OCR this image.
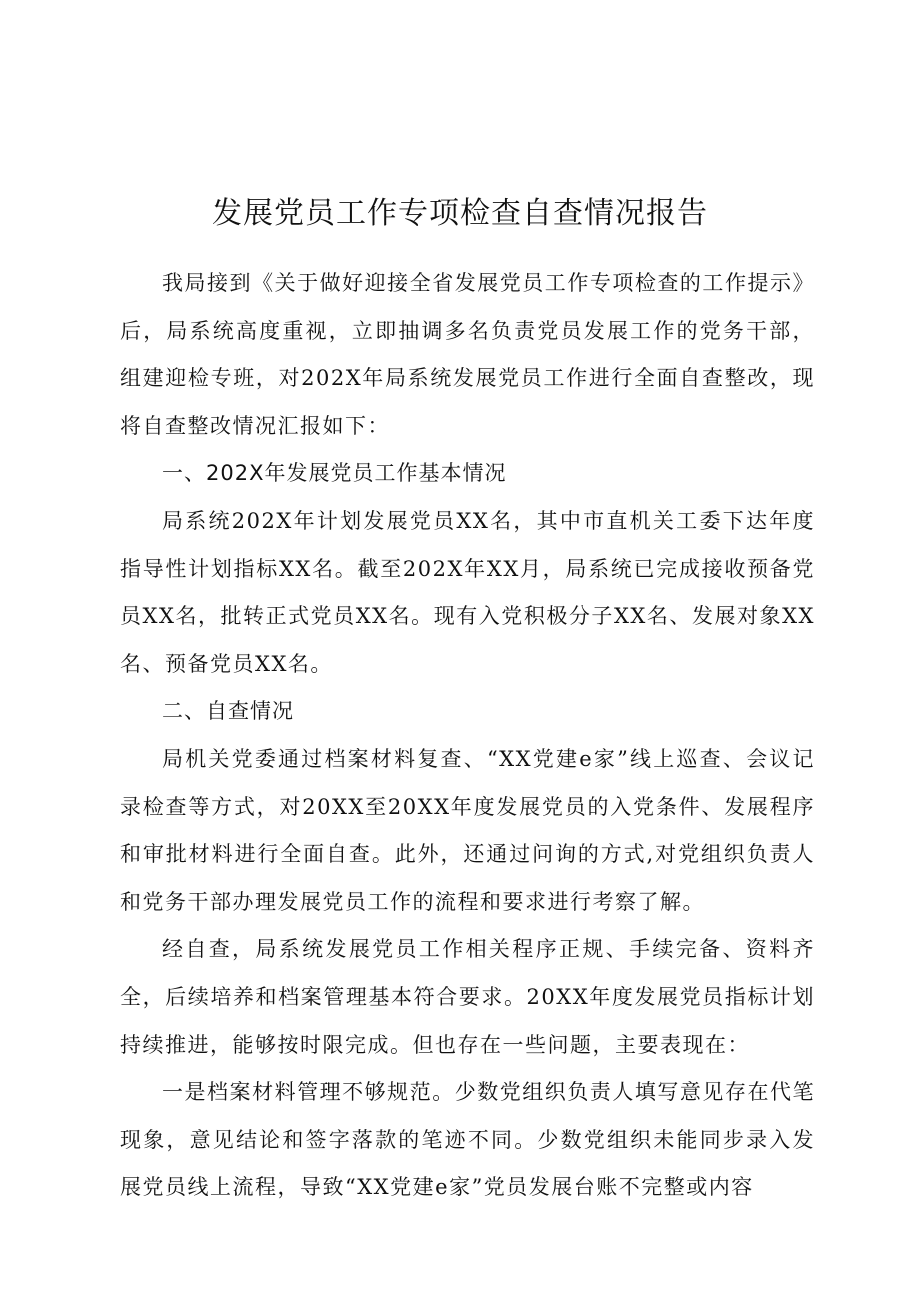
发展党员工作专项检查自查情况报告

我局接到《关于做好迎接全省发展党员工作专项检查的工作提示》后，局系统高度重视，立即抽调多名负责党员发展工作的党务干部，组建迎检专班，对202X年局系统发展党员工作进行全面自查整改，现将自查整改情况汇报如下：

一、202X年发展党员工作基本情况

局系统202X年计划发展党员XX名，其中市直机关工委下达年度指导性计划指标XX名。截至202X年XX月，局系统已完成接收预备党员XX名，批转正式党员XX名。现有入党积极分子XX名、发展对象XX名、预备党员XX名。

二、自查情况

局机关党委通过档案材料复查、“XX党建e家”线上巡查、会议记录检查等方式，对20XX至20XX年度发展党员的入党条件、发展程序和审批材料进行全面自查。此外，还通过问询的方式,对党组织负责人和党务干部办理发展党员工作的流程和要求进行考察了解。

经自查，局系统发展党员工作相关程序正规、手续完备、资料齐全，后续培养和档案管理基本符合要求。20XX年度发展党员指标计划持续推进，能够按时限完成。但也存在一些问题，主要表现在：

一是档案材料管理不够规范。少数党组织负责人填写意见存在代笔现象，意见结论和签字落款的笔迹不同。少数党组织未能同步录入发展党员线上流程，导致“XX党建e家”党员发展台账不完整或内容
